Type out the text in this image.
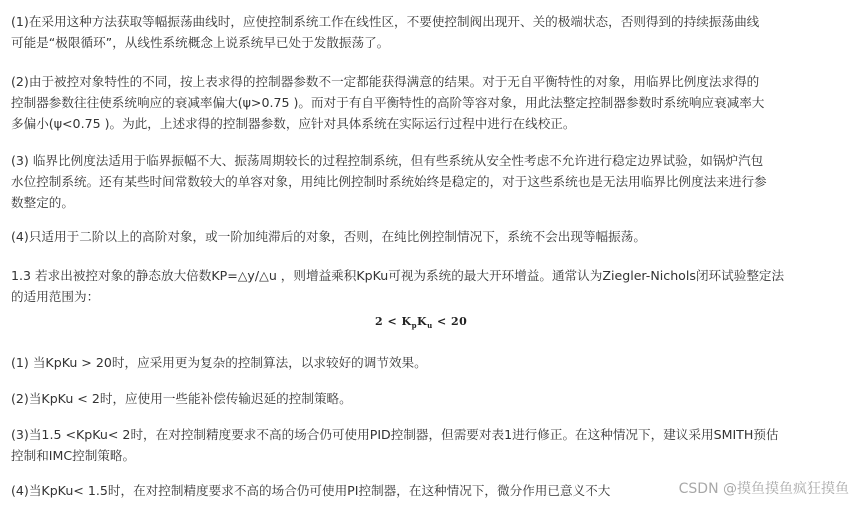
(1)在采用这种方法获取等幅振荡曲线时，应使控制系统工作在线性区，不要使控制阀出现开、关的极端状态，否则得到的持续振荡曲线
可能是“极限循环”，从线性系统概念上说系统早已处于发散振荡了。
(2)由于被控对象特性的不同，按上表求得的控制器参数不一定都能获得满意的结果。对于无自平衡特性的对象，用临界比例度法求得的
控制器参数往往使系统响应的衰减率偏大(ψ>0.75 )。而对于有自平衡特性的高阶等容对象，用此法整定控制器参数时系统响应衰减率大
多偏小(ψ<0.75 )。为此，上述求得的控制器参数，应针对具体系统在实际运行过程中进行在线校正。
(3) 临界比例度法适用于临界振幅不大、振荡周期较长的过程控制系统，但有些系统从安全性考虑不允许进行稳定边界试验，如锅炉汽包
水位控制系统。还有某些时间常数较大的单容对象，用纯比例控制时系统始终是稳定的，对于这些系统也是无法用临界比例度法来进行参
数整定的。
(4)只适用于二阶以上的高阶对象，或一阶加纯滞后的对象，否则，在纯比例控制情况下，系统不会出现等幅振荡。
1.3 若求出被控对象的静态放大倍数KP=△y/△u ，则增益乘积KpKu可视为系统的最大开环增益。通常认为Ziegler-Nichols闭环试验整定法
的适用范围为：
(1) 当KpKu > 20时，应采用更为复杂的控制算法，以求较好的调节效果。
(2)当KpKu < 2时，应使用一些能补偿传输迟延的控制策略。
(3)当1.5 <KpKu< 2时，在对控制精度要求不高的场合仍可使用PID控制器，但需要对表1进行修正。在这种情况下，建议采用SMITH预估
控制和IMC控制策略。
(4)当KpKu< 1.5时，在对控制精度要求不高的场合仍可使用PI控制器，在这种情况下，微分作用已意义不大
$2 < K_pK_u < 20$
CSDN @摸鱼摸鱼疯狂摸鱼
